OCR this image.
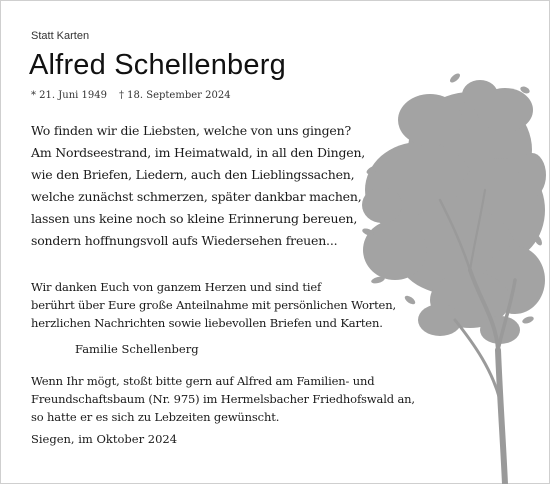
Statt Karten
Alfred Schellenberg
* 21. Juni 1949 † 18. September 2024
Wo finden wir die Liebsten, welche von uns gingen?
Am Nordseestrand, im Heimatwald, in all den Dingen,
wie den Briefen, Liedern, auch den Lieblingssachen,
welche zunächst schmerzen, später dankbar machen,
lassen uns keine noch so kleine Erinnerung bereuen,
sondern hoffnungsvoll aufs Wiedersehen freuen...
Wir danken Euch von ganzem Herzen und sind tief
berührt über Eure große Anteilnahme mit persönlichen Worten,
herzlichen Nachrichten sowie liebevollen Briefen und Karten.
Familie Schellenberg
Wenn Ihr mögt, stoßt bitte gern auf Alfred am Familien- und
Freundschaftsbaum (Nr. 975) im Hermelsbacher Friedhofswald an,
so hatte er es sich zu Lebzeiten gewünscht.
Siegen, im Oktober 2024
